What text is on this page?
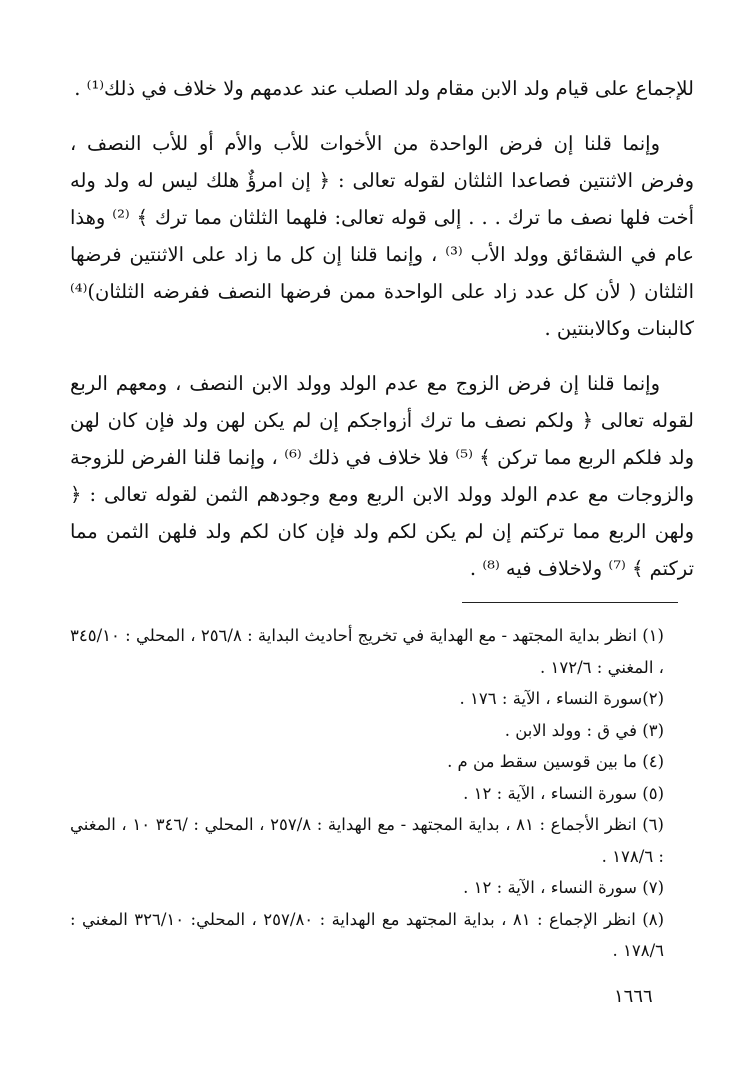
للإجماع على قيام ولد الابن مقام ولد الصلب عند عدمهم ولا خلاف في ذلك⁽¹⁾ .

وإنما قلنا إن فرض الواحدة من الأخوات للأب والأم أو للأب النصف ، وفرض الاثنتين فصاعدا الثلثان لقوله تعالى : ﴿ إن امرؤٌ هلك ليس له ولد وله أخت فلها نصف ما ترك . . . إلى قوله تعالى: فلهما الثلثان مما ترك ﴾ ⁽²⁾ وهذا عام في الشقائق وولد الأب ⁽³⁾ ، وإنما قلنا إن كل ما زاد على الاثنتين فرضها الثلثان ( لأن كل عدد زاد على الواحدة ممن فرضها النصف ففرضه الثلثان)⁽⁴⁾ كالبنات وكالابنتين .

وإنما قلنا إن فرض الزوج مع عدم الولد وولد الابن النصف ، ومعهم الربع لقوله تعالى ﴿ ولكم نصف ما ترك أزواجكم إن لم يكن لهن ولد فإن كان لهن ولد فلكم الربع مما تركن ﴾ ⁽⁵⁾ فلا خلاف في ذلك ⁽⁶⁾ ، وإنما قلنا الفرض للزوجة والزوجات مع عدم الولد وولد الابن الربع ومع وجودهم الثمن لقوله تعالى : ﴿ ولهن الربع مما تركتم إن لم يكن لكم ولد فإن كان لكم ولد فلهن الثمن مما تركتم ﴾ ⁽⁷⁾ ولاخلاف فيه ⁽⁸⁾ .

(١) انظر بداية المجتهد - مع الهداية في تخريج أحاديث البداية : ٢٥٦/٨ ، المحلي : ٣٤٥/١٠ ، المغني : ١٧٢/٦ .

(٢)سورة النساء ، الآية : ١٧٦ .

(٣) في ق : وولد الابن .

(٤) ما بين قوسين سقط من م .

(٥) سورة النساء ، الآية : ١٢ .

(٦) انظر الأجماع : ٨١ ، بداية المجتهد - مع الهداية : ٢٥٧/٨ ، المحلي : /٣٤٦ ١٠ ، المغني : ١٧٨/٦ .

(٧) سورة النساء ، الآية : ١٢ .

(٨) انظر الإجماع : ٨١ ، بداية المجتهد مع الهداية : ٢٥٧/٨٠ ، المحلي: ٣٢٦/١٠ المغني : ١٧٨/٦ .

١٦٦٦
